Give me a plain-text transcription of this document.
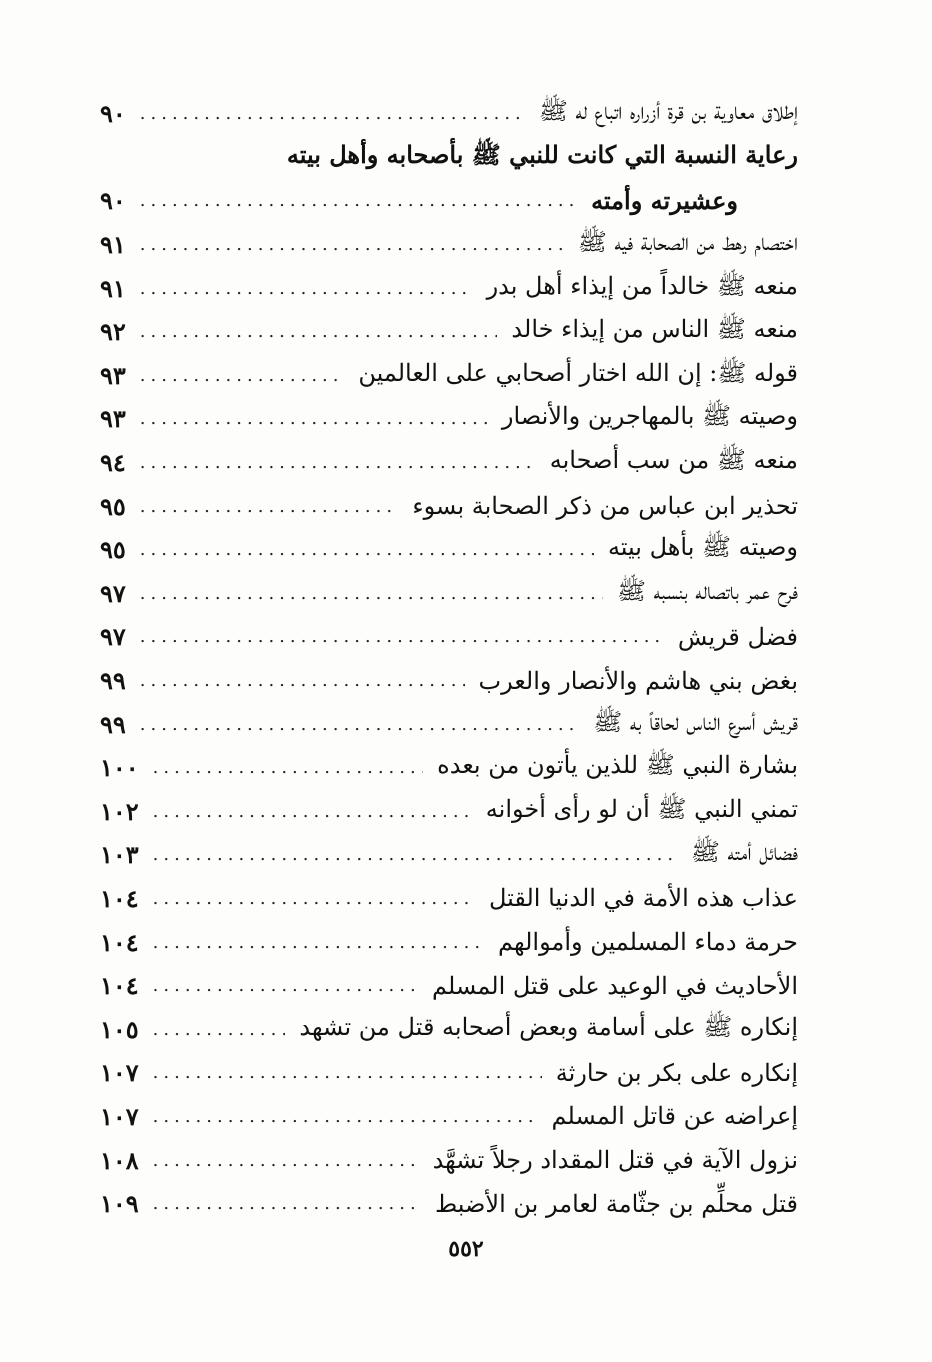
إطلاق معاوية بن قرة أزراره اتباع له ﷺ
.....
٩٠
رعاية النسبة التي كانت للنبي ﷺ بأصحابه وأهل بيته
وعشيرته وأمته
.....
٩٠
اختصام رهط من الصحابة فيه ﷺ
.....
٩١
منعه ﷺ خالداً من إيذاء أهل بدر
.....
٩١
منعه ﷺ الناس من إيذاء خالد
.....
٩٢
قوله ﷺ: إن الله اختار أصحابي على العالمين
.....
٩٣
وصيته ﷺ بالمهاجرين والأنصار
.....
٩٣
منعه ﷺ من سب أصحابه
.....
٩٤
تحذير ابن عباس من ذكر الصحابة بسوء
.....
٩٥
وصيته ﷺ بأهل بيته
.....
٩٥
فرح عمر باتصاله بنسبه ﷺ
.....
٩٧
فضل قريش
.....
٩٧
بغض بني هاشم والأنصار والعرب
.....
٩٩
قريش أسرع الناس لحاقاً به ﷺ
.....
٩٩
بشارة النبي ﷺ للذين يأتون من بعده
.....
١٠٠
تمني النبي ﷺ أن لو رأى أخوانه
.....
١٠٢
فضائل أمته ﷺ
.....
١٠٣
عذاب هذه الأمة في الدنيا القتل
.....
١٠٤
حرمة دماء المسلمين وأموالهم
.....
١٠٤
الأحاديث في الوعيد على قتل المسلم
.....
١٠٤
إنكاره ﷺ على أسامة وبعض أصحابه قتل من تشهد
.....
١٠٥
إنكاره على بكر بن حارثة
.....
١٠٧
إعراضه عن قاتل المسلم
.....
١٠٧
نزول الآية في قتل المقداد رجلاً تشهَّد
.....
١٠٨
قتل محلِّم بن جثّامة لعامر بن الأضبط
.....
١٠٩
٥٥٢
